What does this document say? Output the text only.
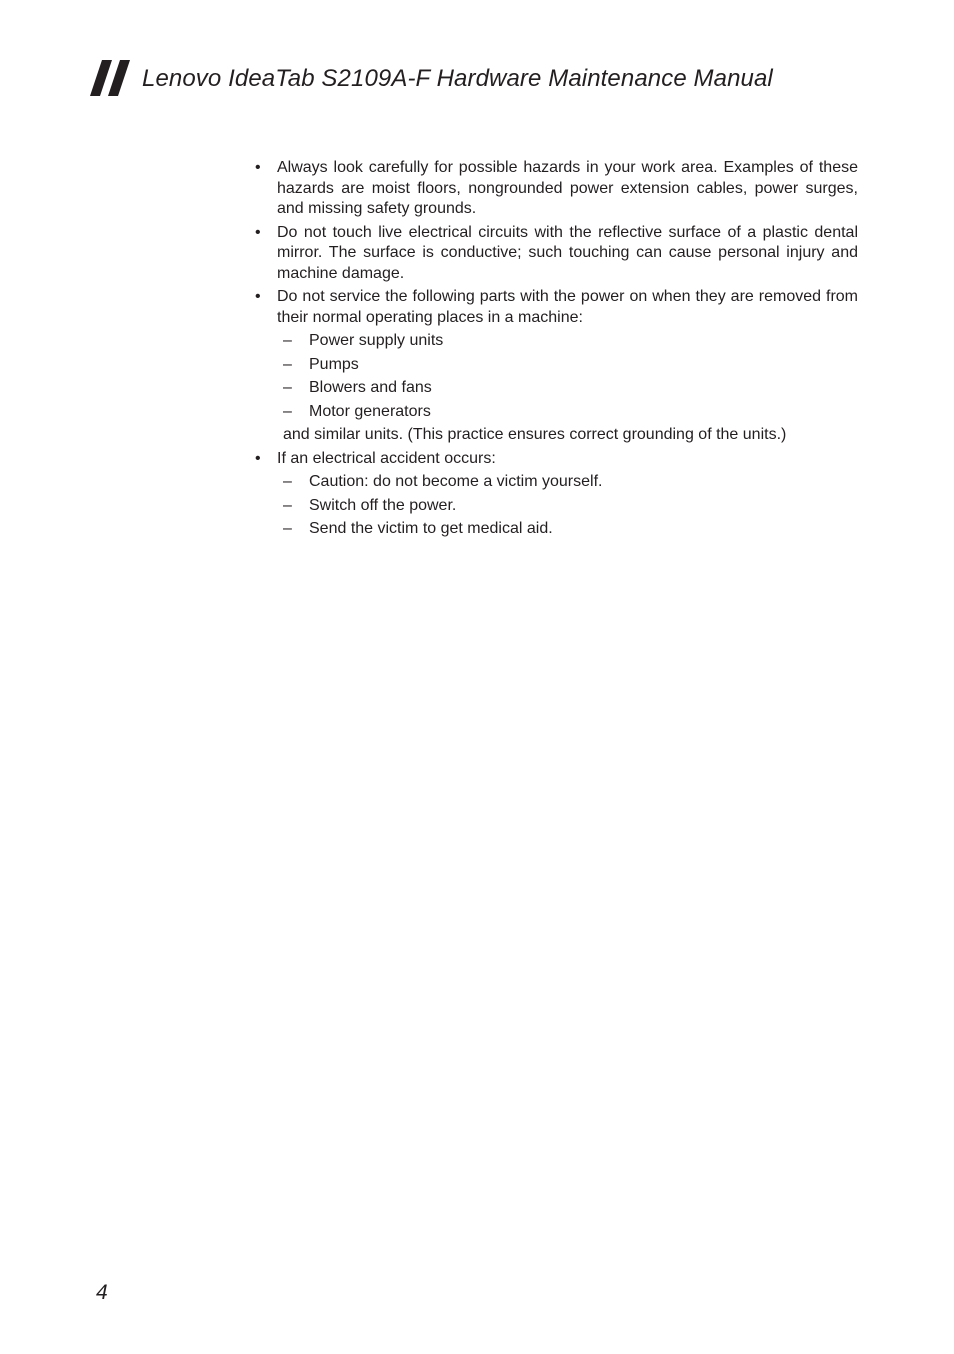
Lenovo IdeaTab S2109A-F Hardware Maintenance Manual
•	Always look carefully for possible hazards in your work area. Examples of these hazards are moist floors, nongrounded power extension cables, power surges, and missing safety grounds.
•	Do not touch live electrical circuits with the reflective surface of a plastic dental mirror. The surface is conductive; such touching can cause personal injury and machine damage.
•	Do not service the following parts with the power on when they are removed from their normal operating places in a machine:
– Power supply units
– Pumps
– Blowers and fans
– Motor generators
and similar units. (This practice ensures correct grounding of the units.)
•	If an electrical accident occurs:
– Caution: do not become a victim yourself.
– Switch off the power.
– Send the victim to get medical aid.
4
